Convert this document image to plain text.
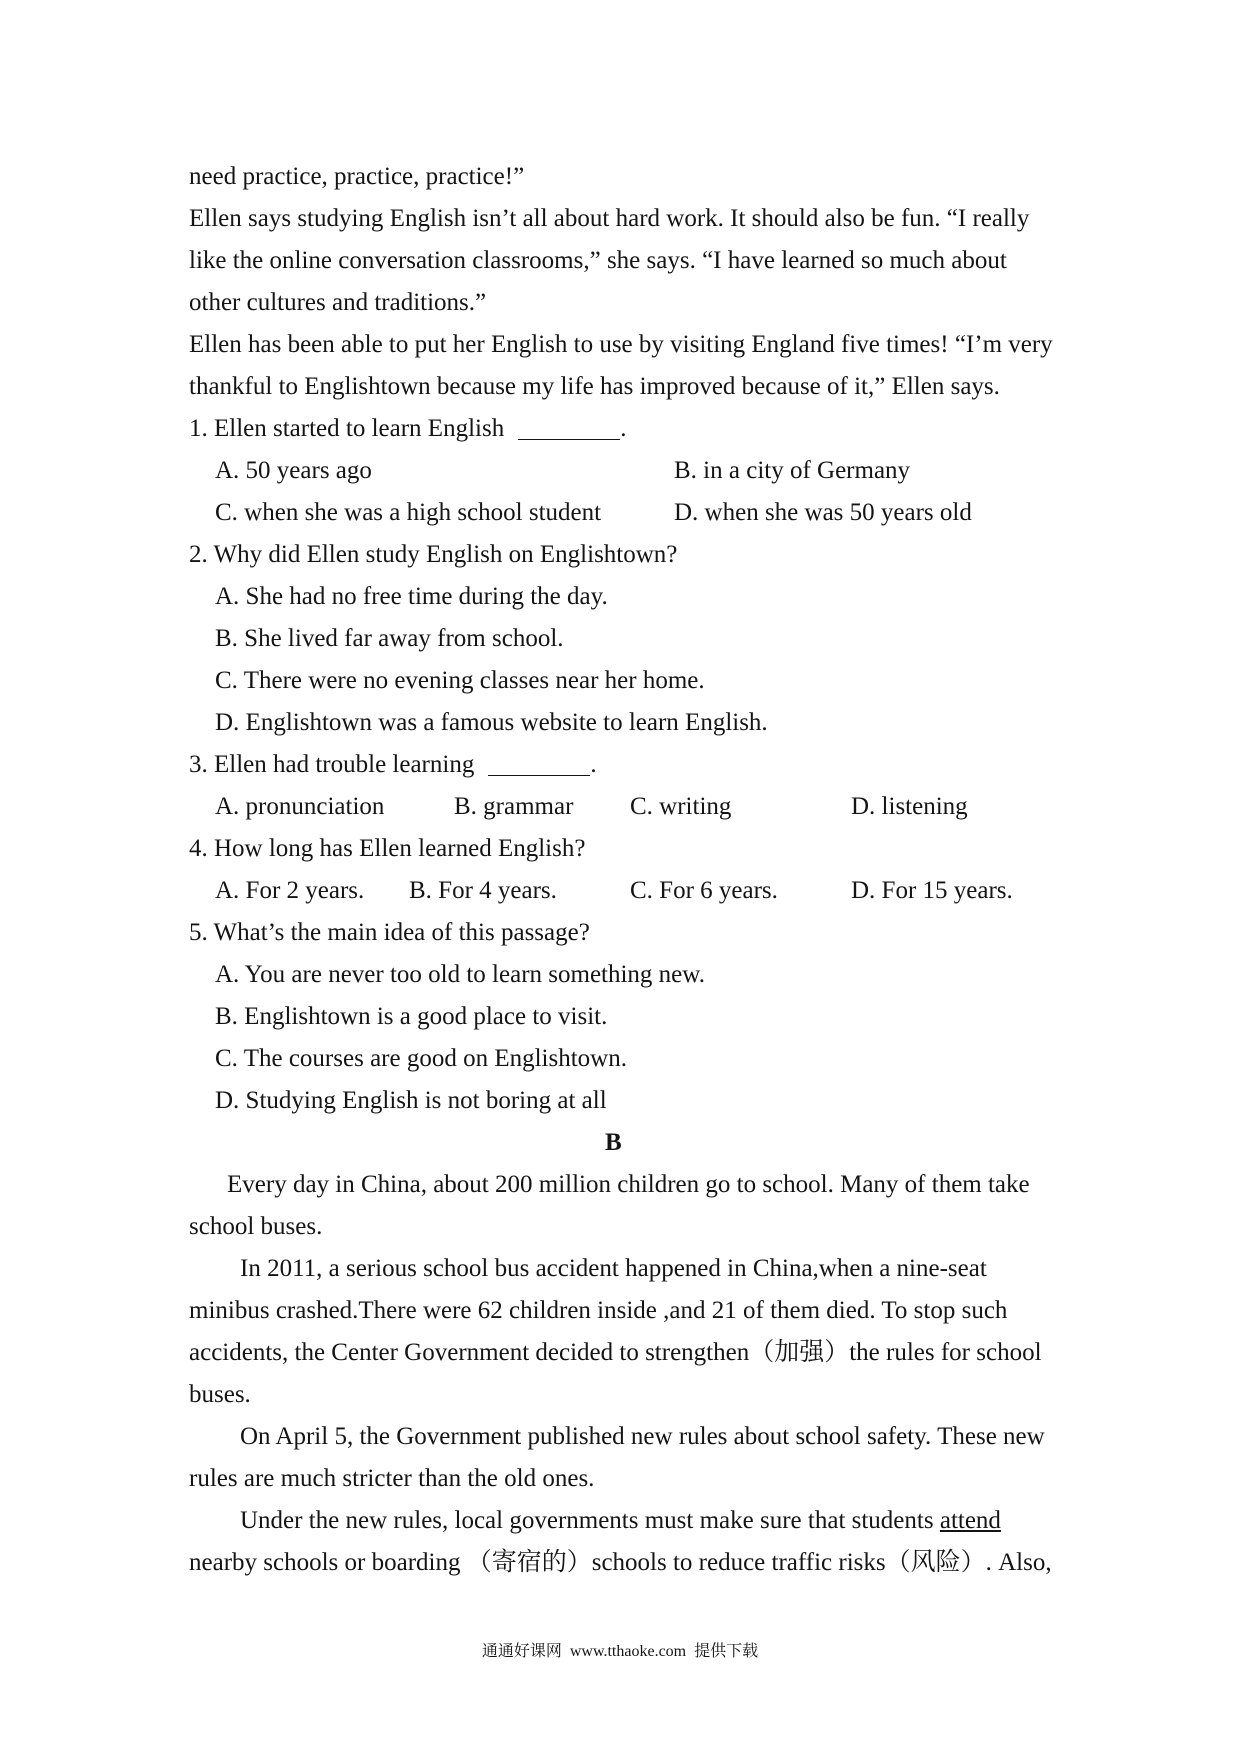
need practice, practice, practice!”
Ellen says studying English isn’t all about hard work. It should also be fun. “I really
like the online conversation classrooms,” she says. “I have learned so much about
other cultures and traditions.”
Ellen has been able to put her English to use by visiting England five times! “I’m very
thankful to Englishtown because my life has improved because of it,” Ellen says.
1. Ellen started to learn English	.
A. 50 years ago	B. in a city of Germany
C. when she was a high school student	D. when she was 50 years old
2. Why did Ellen study English on Englishtown?
A. She had no free time during the day.
B. She lived far away from school.
C. There were no evening classes near her home.
D. Englishtown was a famous website to learn English.
3. Ellen had trouble learning	.
A. pronunciation	B. grammar C. writing	D. listening
4. How long has Ellen learned English?
A. For 2 years. B. For 4 years.	C. For 6 years.	D. For 15 years.
5. What’s the main idea of this passage?
A. You are never too old to learn something new.
B. Englishtown is a good place to visit.
C. The courses are good on Englishtown.
D. Studying English is not boring at all
B
Every day in China, about 200 million children go to school. Many of them take
school buses.
In 2011, a serious school bus accident happened in China,when a nine-seat
minibus crashed.There were 62 children inside ,and 21 of them died. To stop such
accidents, the Center Government decided to strengthen（加强）the rules for school
buses.
On April 5, the Government published new rules about school safety. These new
rules are much stricter than the old ones.
Under the new rules, local governments must make sure that students attend
nearby schools or boarding （寄宿的）schools to reduce traffic risks（风险）. Also,
通通好课网  www.tthaoke.com  提供下载
